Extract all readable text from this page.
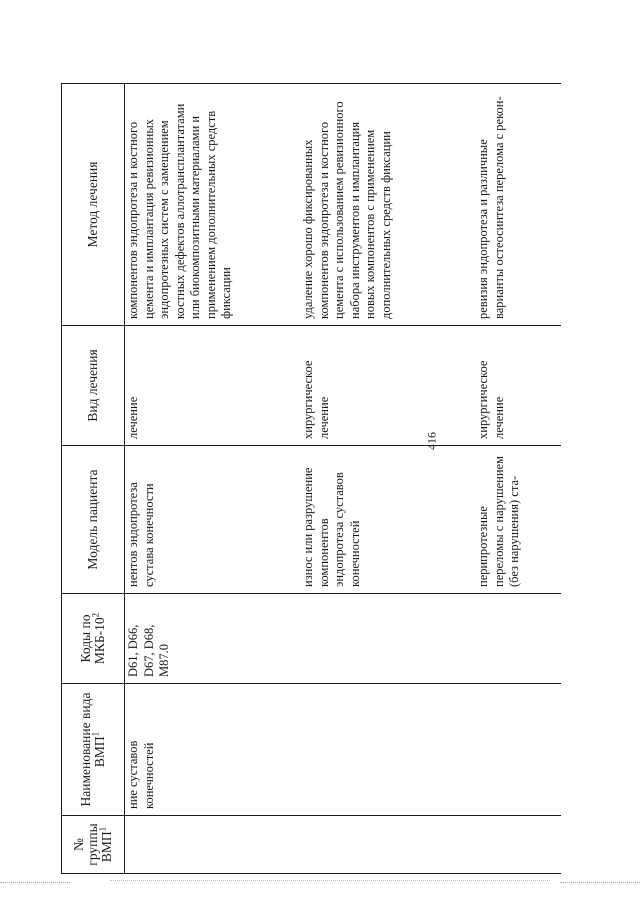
416
№ группы ВМП$^1$	Наименование вида ВМП$^1$	Коды по МКБ-$10^2$	Модель пациента	Вид лечения	Метод лечения
	ние суставов конечностей	D61, D66, D67, D68, M87.0	нентов эндопротеза сустава конечности	лечение	компонентов эндопротеза и костного цемента и имплантация ревизионных эндопротезных систем с замещением костных дефектов аллотрансплантатами или биокомпозитными материалами и применением дополнительных средств фиксации
			износ или разрушение компонентов эндопротеза суставов конечностей	хирургическое лечение	удаление хорошо фиксированных компонентов эндопротеза и костного цемента с использованием ревизионного набора инструментов и имплантация новых компонентов с применением дополнительных средств фиксации
			перипротезные переломы с нарушением (без нарушения) ста-	хирургическое лечение	ревизия эндопротеза и различные варианты остеосинтеза перелома с рекон-
